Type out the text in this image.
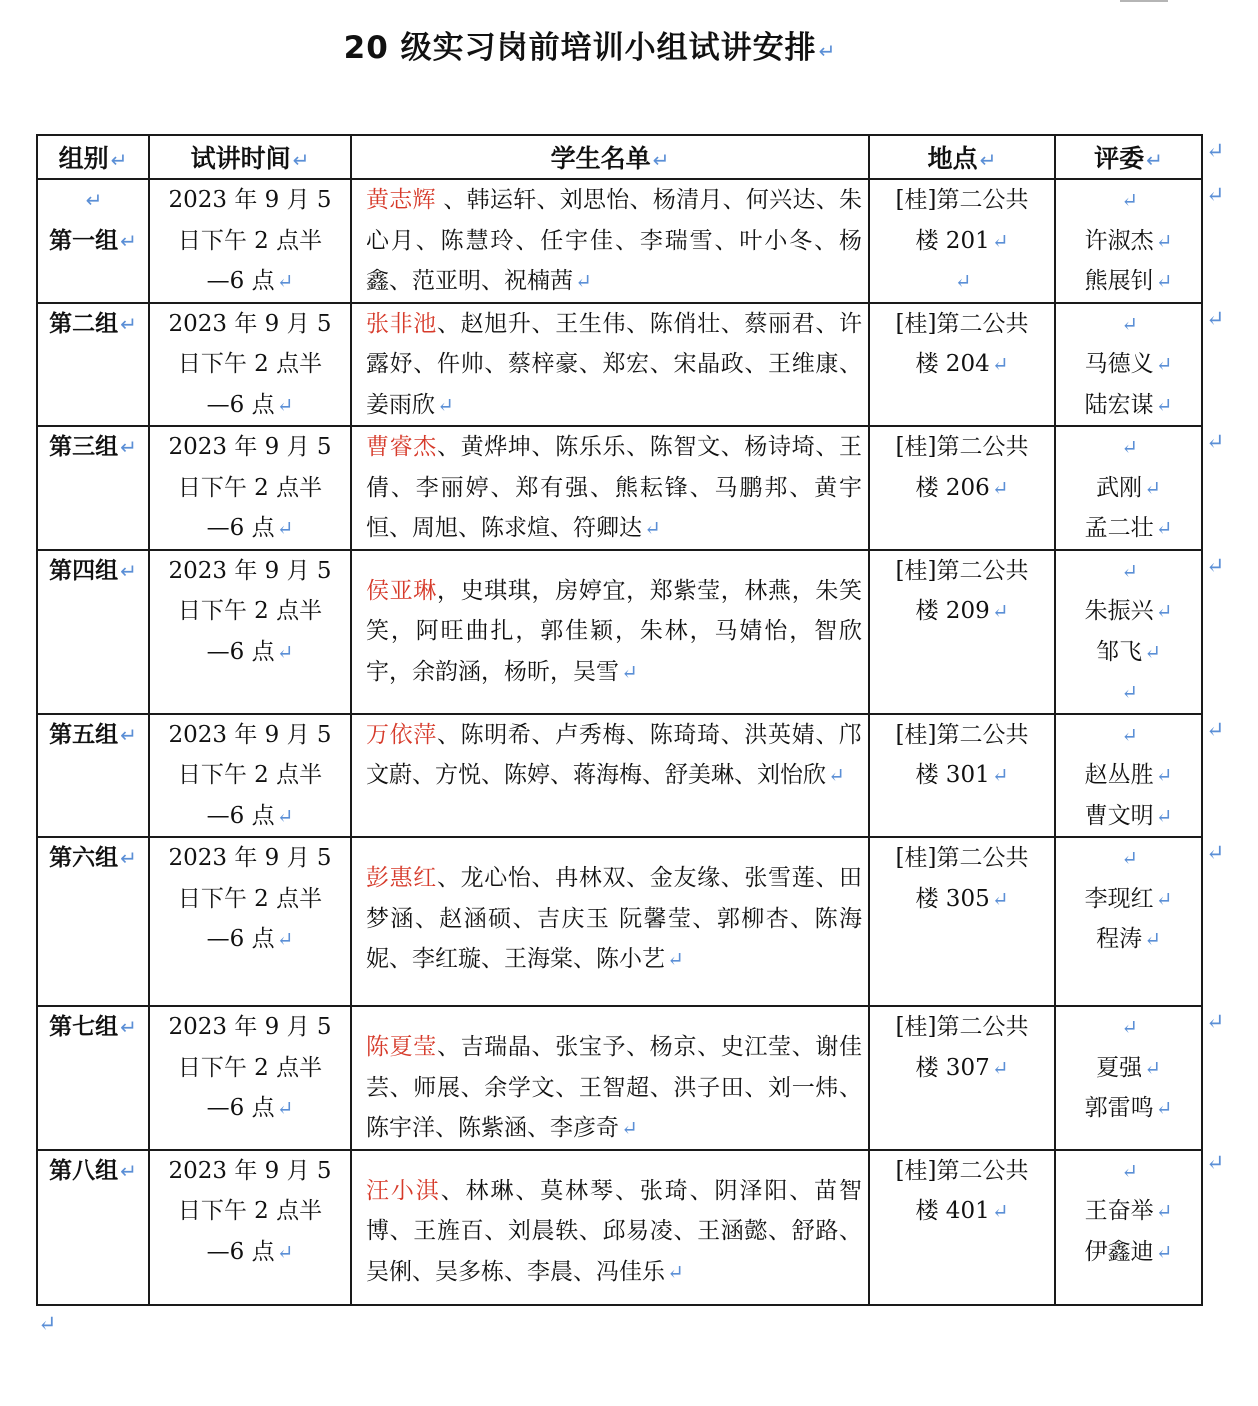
20 级实习岗前培训小组试讲安排 ↵
组别 ↵	试讲时间 ↵	学生名单 ↵	地点 ↵	评委 ↵

↵
第一组 ↵	2023 年 9 月 5
日下午 2 点半
—6 点 ↵	黄志辉 、韩运轩、刘思怡、杨清月、何兴达、朱心月、陈慧玲、任宇佳、李瑞雪、叶小冬、杨鑫、范亚明、祝楠茜 ↵	[桂]第二公共
楼 201 ↵
↵	↵
许淑杰 ↵
熊展钊 ↵

第二组 ↵	2023 年 9 月 5
日下午 2 点半
—6 点 ↵	张非池、赵旭升、王生伟、陈俏壮、蔡丽君、许露妤、仵帅、蔡梓豪、郑宏、宋晶政、王维康、姜雨欣 ↵	[桂]第二公共
楼 204 ↵	↵
马德义 ↵
陆宏谋 ↵

第三组 ↵	2023 年 9 月 5
日下午 2 点半
—6 点 ↵	曹睿杰、黄烨坤、陈乐乐、陈智文、杨诗埼、王倩、李丽婷、郑有强、熊耘锋、马鹏邦、黄宇恒、周旭、陈求煊、符卿达 ↵	[桂]第二公共
楼 206 ↵	↵
武刚 ↵
孟二壮 ↵

第四组 ↵	2023 年 9 月 5
日下午 2 点半
—6 点 ↵	侯亚琳，史琪琪，房婷宜，郑紫莹，林燕，朱笑笑，阿旺曲扎，郭佳颖，朱林，马婧怡，智欣宇，余韵涵，杨昕，吴雪 ↵	[桂]第二公共
楼 209 ↵	↵
朱振兴 ↵
邹飞 ↵
↵

第五组 ↵	2023 年 9 月 5
日下午 2 点半
—6 点 ↵	万依萍、陈明希、卢秀梅、陈琦琦、洪英婧、邝文蔚、方悦、陈婷、蒋海梅、舒美琳、刘怡欣 ↵	[桂]第二公共
楼 301 ↵	↵
赵丛胜 ↵
曹文明 ↵

第六组 ↵	2023 年 9 月 5
日下午 2 点半
—6 点 ↵	彭惠红、龙心怡、冉林双、金友缘、张雪莲、田梦涵、赵涵硕、吉庆玉 阮馨莹、郭柳杏、陈海妮、李红璇、王海棠、陈小艺 ↵	[桂]第二公共
楼 305 ↵	↵
李现红 ↵
程涛 ↵

第七组 ↵	2023 年 9 月 5
日下午 2 点半
—6 点 ↵	陈夏莹、吉瑞晶、张宝予、杨京、史江莹、谢佳芸、师展、余学文、王智超、洪子田、刘一炜、陈宇洋、陈紫涵、李彦奇 ↵	[桂]第二公共
楼 307 ↵	↵
夏强 ↵
郭雷鸣 ↵

第八组 ↵	2023 年 9 月 5
日下午 2 点半
—6 点 ↵	汪小淇、林琳、莫林琴、张琦、阴泽阳、苗智博、王旌百、刘晨轶、邱易凌、王涵懿、舒路、吴俐、吴多栋、李晨、冯佳乐 ↵	[桂]第二公共
楼 401 ↵	↵
王奋举 ↵
伊鑫迪 ↵
↵
↵
↵
↵
↵
↵
↵
↵
↵
↵
